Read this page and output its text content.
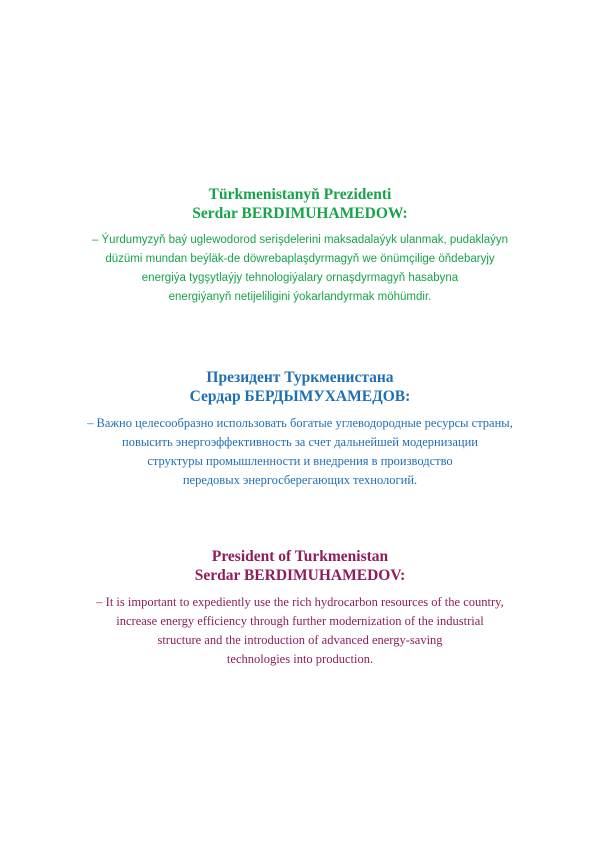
Türkmenistanyň Prezidenti
Serdar BERDIMUHAMEDOW:

– Ýurdumyzyň baý uglewodorod serişdelerini maksadalaýyk ulanmak, pudaklaýyn
düzümi mundan beýläk-de döwrebaplaşdyrmagyň we önümçilige öňdebaryjy
energiýa tygşytlaýjy tehnologiýalary ornaşdyrmagyň hasabyna
energiýanyň netijeliligini ýokarlandyrmak möhümdir.

Президент Туркменистана
Сердар БЕРДЫМУХАМЕДОВ:

– Важно целесообразно использовать богатые углеводородные ресурсы страны,
повысить энергоэффективность за счет дальнейшей модернизации
структуры промышленности и внедрения в производство
передовых энергосберегающих технологий.

President of Turkmenistan
Serdar BERDIMUHAMEDOV:

– It is important to expediently use the rich hydrocarbon resources of the country,
increase energy efficiency through further modernization of the industrial
structure and the introduction of advanced energy-saving
technologies into production.
